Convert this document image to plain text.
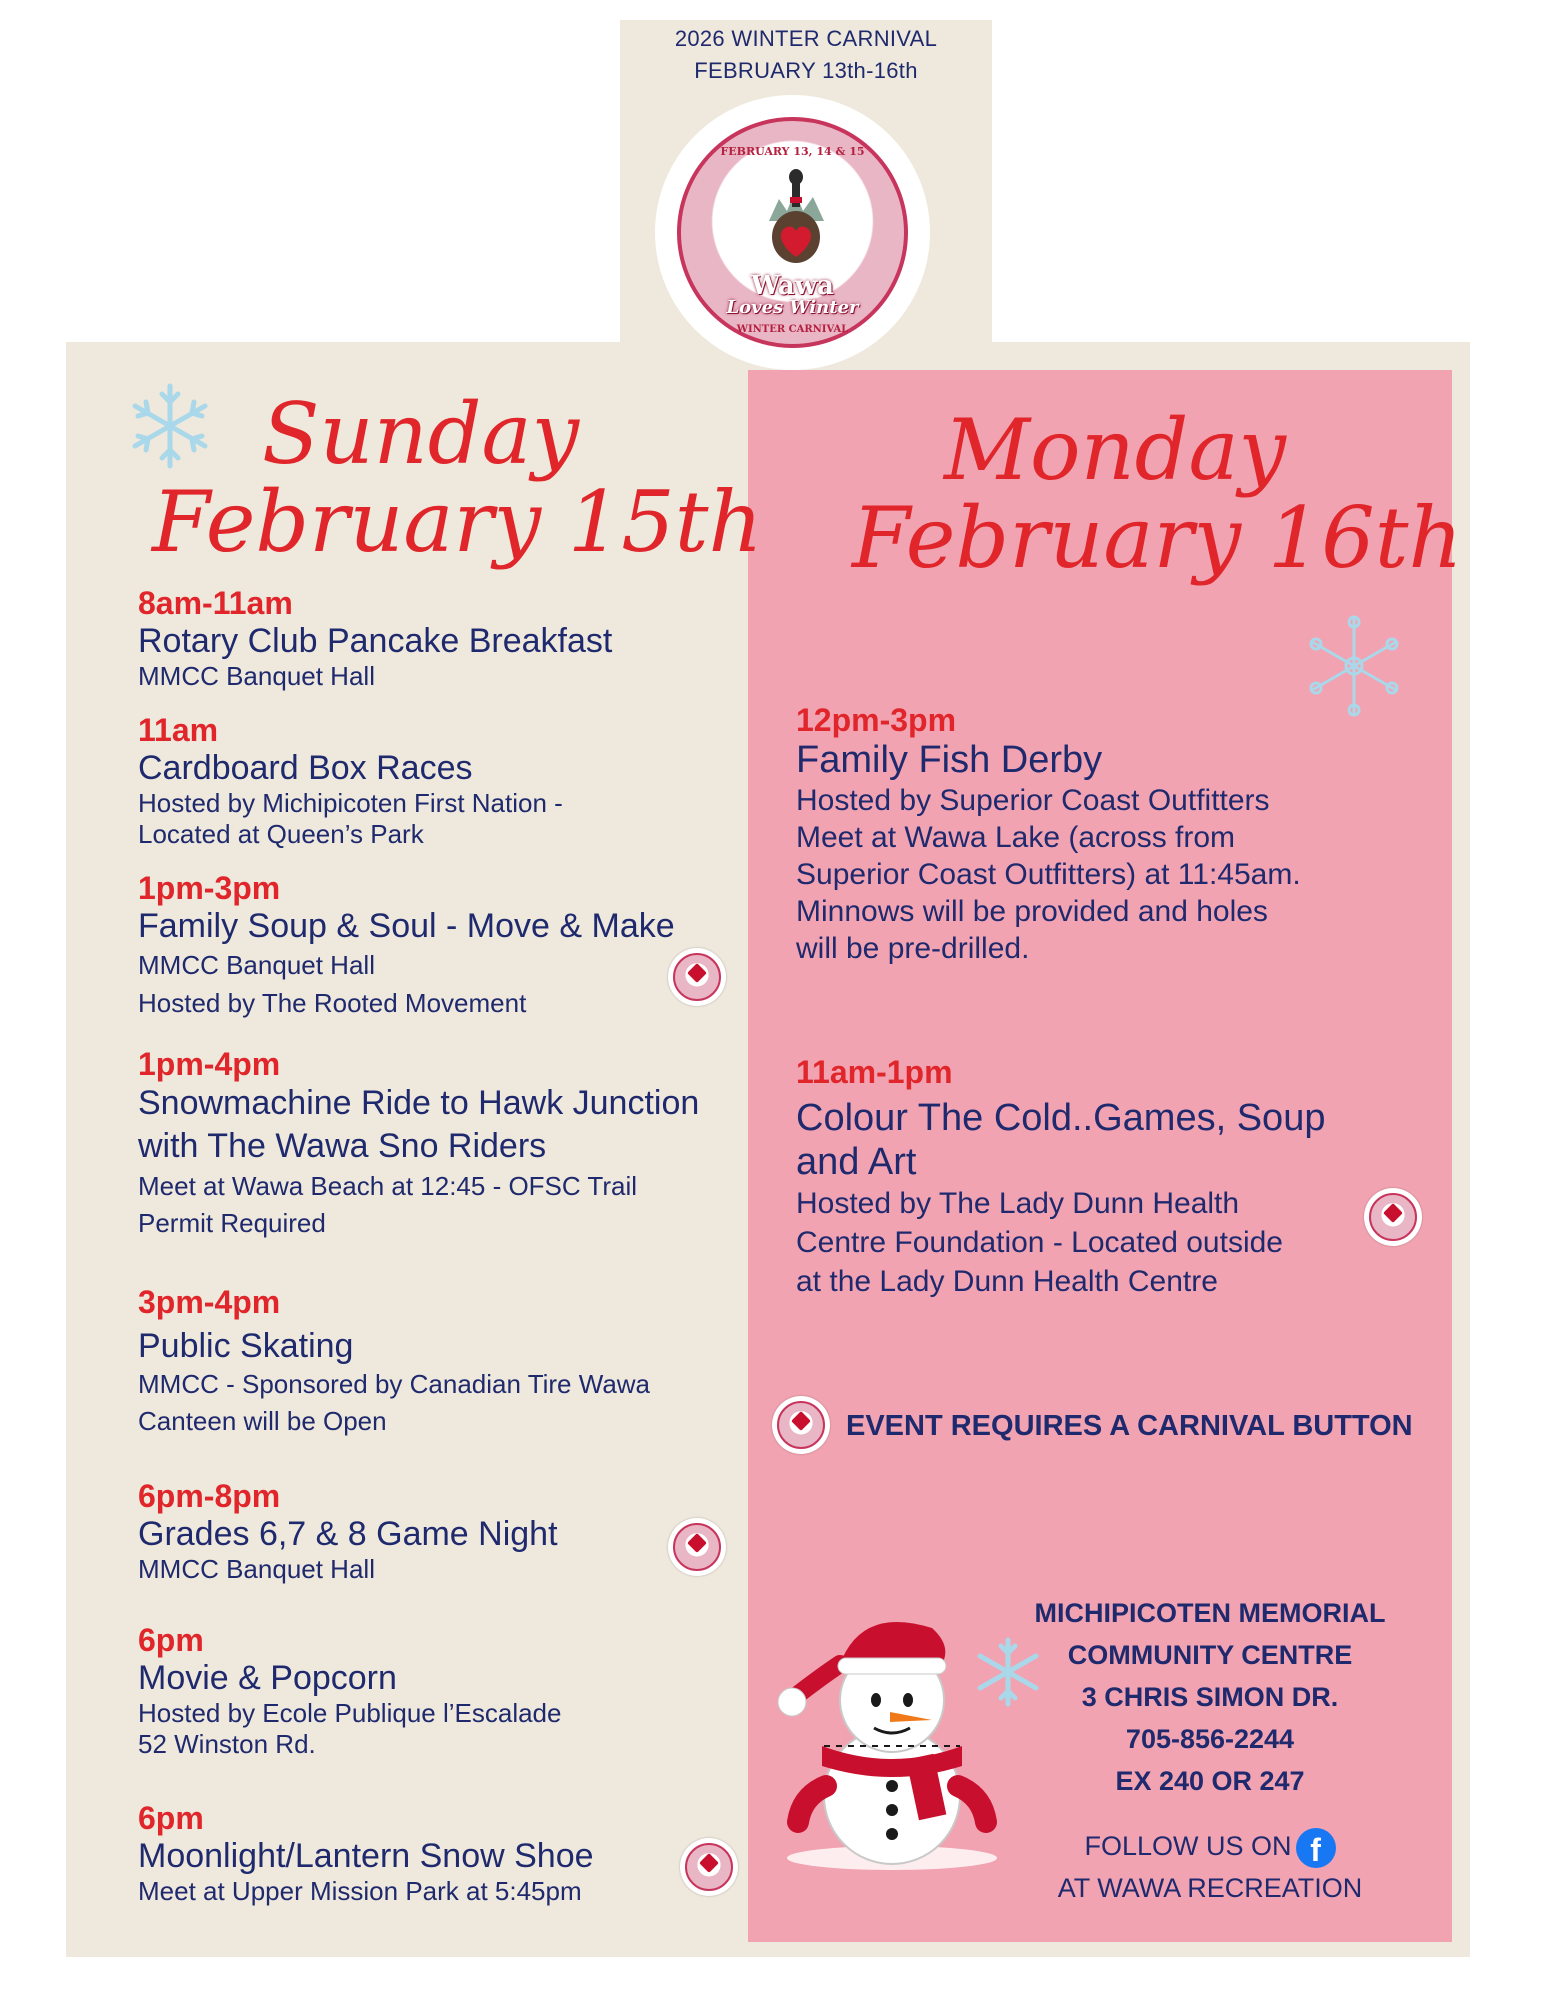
2026 WINTER CARNIVAL
FEBRUARY 13th-16th
FEBRUARY 13, 14 & 15
Wawa
Loves Winter
WINTER CARNIVAL
Sunday
February 15th
Monday
February 16th
8am-11am
Rotary Club Pancake Breakfast
MMCC Banquet Hall
11am
Cardboard Box Races
Hosted by Michipicoten First Nation -
Located at Queen’s Park
1pm-3pm
Family Soup & Soul - Move & Make
MMCC Banquet Hall
Hosted by The Rooted Movement
1pm-4pm
Snowmachine Ride to Hawk Junction
with The Wawa Sno Riders
Meet at Wawa Beach at 12:45 - OFSC Trail
Permit Required
3pm-4pm
Public Skating
MMCC - Sponsored by Canadian Tire Wawa
Canteen will be Open
6pm-8pm
Grades 6,7 & 8 Game Night
MMCC Banquet Hall
6pm
Movie & Popcorn
Hosted by Ecole Publique l’Escalade
52 Winston Rd.
6pm
Moonlight/Lantern Snow Shoe
Meet at Upper Mission Park at 5:45pm
12pm-3pm
Family Fish Derby
Hosted by Superior Coast Outfitters
Meet at Wawa Lake (across from
Superior Coast Outfitters) at 11:45am.
Minnows will be provided and holes
will be pre-drilled.
11am-1pm
Colour The Cold..Games, Soup
and Art
Hosted by The Lady Dunn Health
Centre Foundation - Located outside
at the Lady Dunn Health Centre
EVENT REQUIRES A CARNIVAL BUTTON
MICHIPICOTEN MEMORIAL
COMMUNITY CENTRE
3 CHRIS SIMON DR.
705-856-2244
EX 240 OR 247
FOLLOW US ON f
AT WAWA RECREATION
